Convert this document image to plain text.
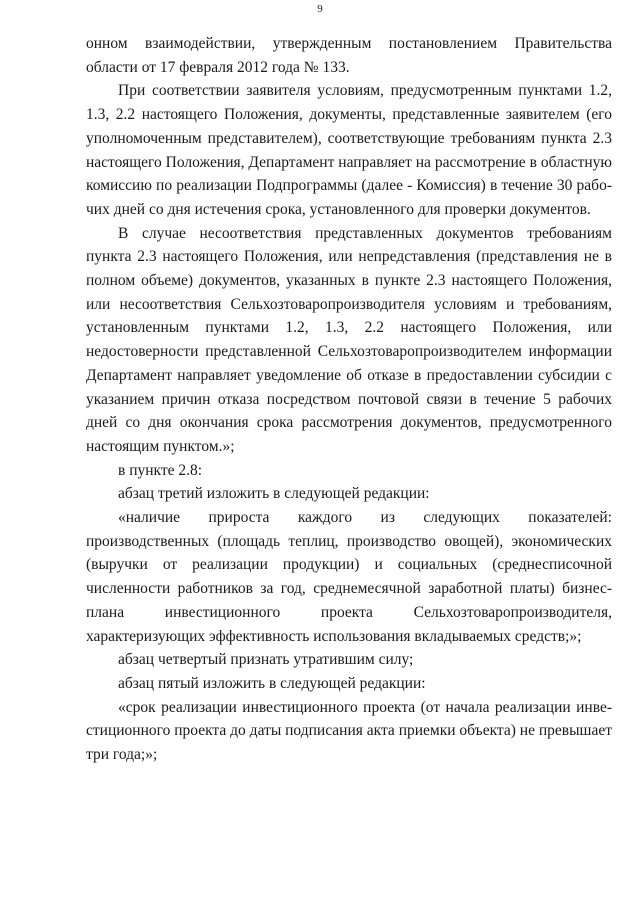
9

онном взаимодействии, утвержденным постановлением Правительства области от 17 февраля 2012 года № 133.

При соответствии заявителя условиям, предусмотренным пунктами 1.2, 1.3, 2.2 настоящего Положения, документы, представленные заявителем (его уполномоченным представителем), соответствующие требованиям пункта 2.3 настоящего Положения, Департамент направляет на рассмотрение в областную комиссию по реализации Подпрограммы (далее - Комиссия) в течение 30 рабочих дней со дня истечения срока, установленного для проверки документов.

В случае несоответствия представленных документов требованиям пункта 2.3 настоящего Положения, или непредставления (представления не в полном объеме) документов, указанных в пункте 2.3 настоящего Положения, или несоответствия Сельхозтоваропроизводителя условиям и требованиям, установленным пунктами 1.2, 1.3, 2.2 настоящего Положения, или недостоверности представленной Сельхозтоваропроизводителем информации Департамент направляет уведомление об отказе в предоставлении субсидии с указанием причин отказа посредством почтовой связи в течение 5 рабочих дней со дня окончания срока рассмотрения документов, предусмотренного настоящим пунктом.»;

в пункте 2.8:

абзац третий изложить в следующей редакции:

«наличие прироста каждого из следующих показателей: производственных (площадь теплиц, производство овощей), экономических (выручки от реализации продукции) и социальных (среднесписочной численности работников за год, среднемесячной заработной платы) бизнес-плана инвестиционного проекта Сельхозтоваропроизводителя, характеризующих эффективность использования вкладываемых средств;»;

абзац четвертый признать утратившим силу;

абзац пятый изложить в следующей редакции:

«срок реализации инвестиционного проекта (от начала реализации инвестиционного проекта до даты подписания акта приемки объекта) не превышает три года;»;
